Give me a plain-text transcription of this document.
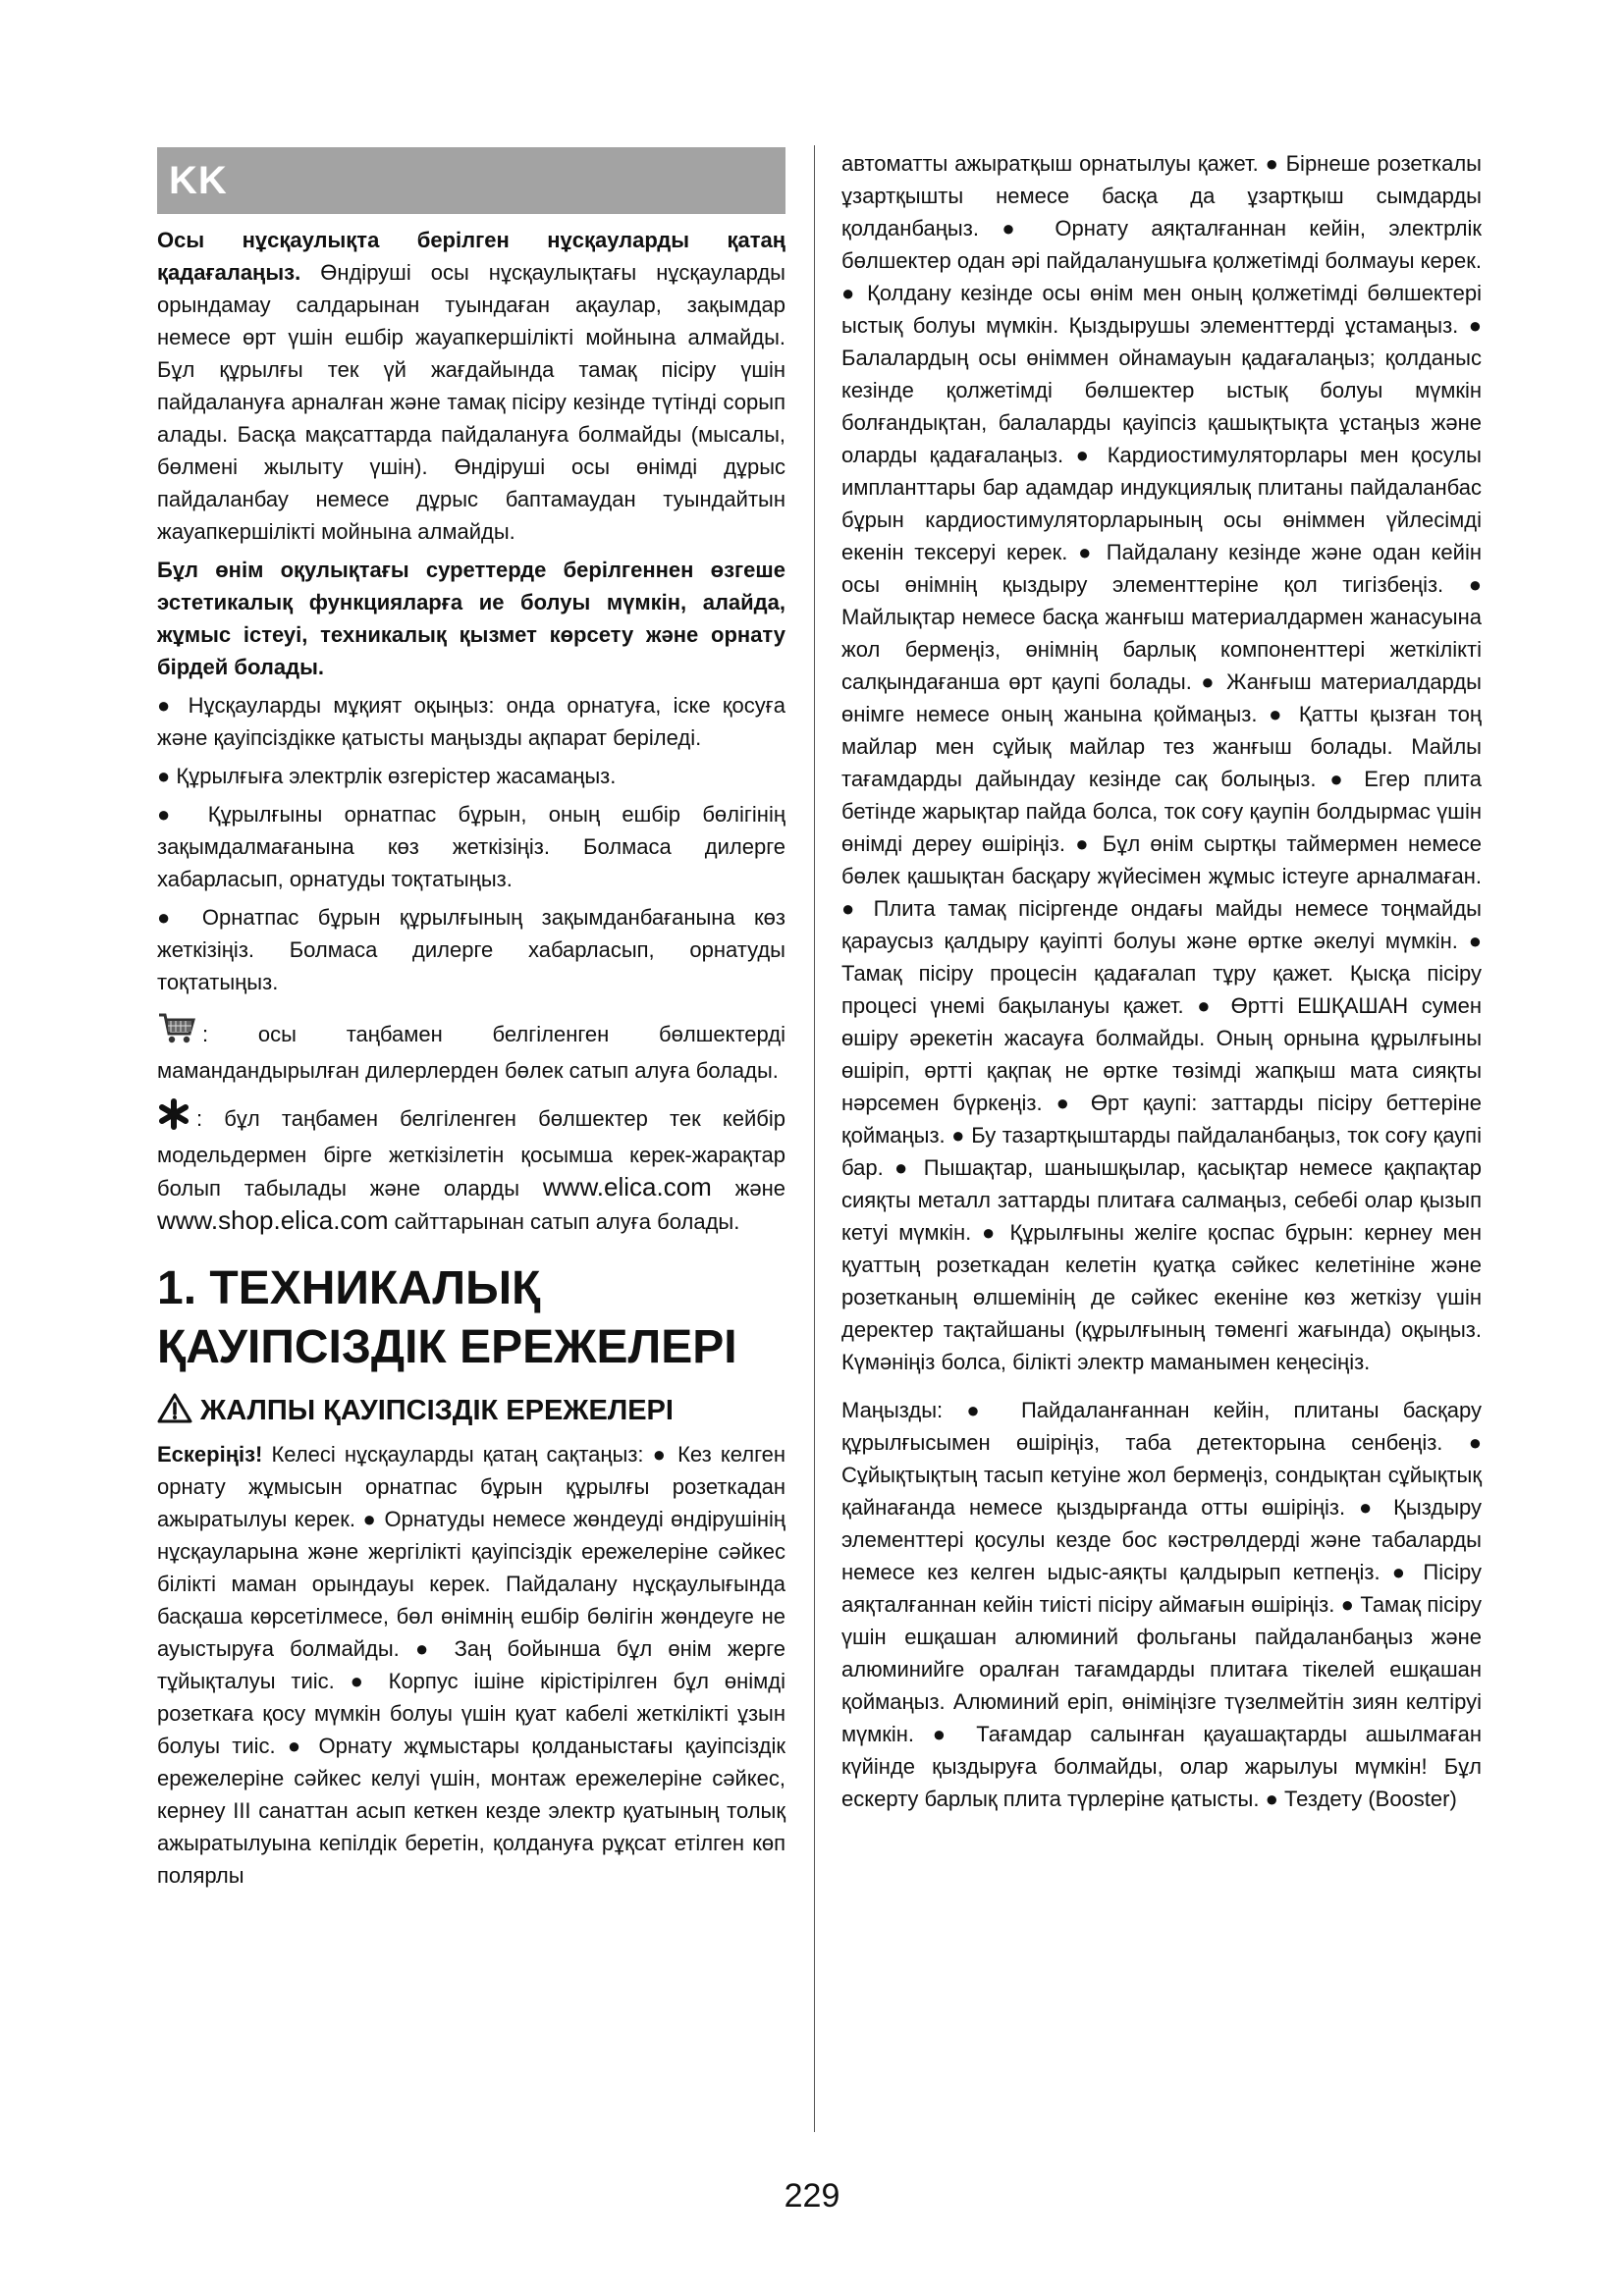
KK

Осы нұсқаулықта берілген нұсқауларды қатаң қадағалаңыз. Өндіруші осы нұсқаулықтағы нұсқауларды орындамау салдарынан туындаған ақаулар, зақымдар немесе өрт үшін ешбір жауапкершілікті мойнына алмайды. Бұл құрылғы тек үй жағдайында тамақ пісіру үшін пайдалануға арналған және тамақ пісіру кезінде түтінді сорып алады. Басқа мақсаттарда пайдалануға болмайды (мысалы, бөлмені жылыту үшін). Өндіруші осы өнімді дұрыс пайдаланбау немесе дұрыс баптамаудан туындайтын жауапкершілікті мойнына алмайды.

Бұл өнім оқулықтағы суреттерде берілгеннен өзгеше эстетикалық функцияларға ие болуы мүмкін, алайда, жұмыс істеуі, техникалық қызмет көрсету және орнату бірдей болады.

● Нұсқауларды мұқият оқыңыз: онда орнатуға, іске қосуға және қауіпсіздікке қатысты маңызды ақпарат беріледі.

● Құрылғыға электрлік өзгерістер жасамаңыз.

● Құрылғыны орнатпас бұрын, оның ешбір бөлігінің зақымдалмағанына көз жеткізіңіз. Болмаса дилерге хабарласып, орнатуды тоқтатыңыз.

● Орнатпас бұрын құрылғының зақымданбағанына көз жеткізіңіз. Болмаса дилерге хабарласып, орнатуды тоқтатыңыз.

: осы таңбамен белгіленген бөлшектерді мамандандырылған дилерлерден бөлек сатып алуға болады.

: бұл таңбамен белгіленген бөлшектер тек кейбір модельдермен бірге жеткізілетін қосымша керек-жарақтар болып табылады және оларды www.elica.com және www.shop.elica.com сайттарынан сатып алуға болады.

1. ТЕХНИКАЛЫҚ ҚАУІПСІЗДІК ЕРЕЖЕЛЕРІ
ЖАЛПЫ ҚАУІПСІЗДІК ЕРЕЖЕЛЕРІ

Ескеріңіз! Келесі нұсқауларды қатаң сақтаңыз: ● Кез келген орнату жұмысын орнатпас бұрын құрылғы розеткадан ажыратылуы керек. ● Орнатуды немесе жөндеуді өндірушінің нұсқауларына және жергілікті қауіпсіздік ережелеріне сәйкес білікті маман орындауы керек. Пайдалану нұсқаулығында басқаша көрсетілмесе, бөл өнімнің ешбір бөлігін жөндеуге не ауыстыруға болмайды. ● Заң бойынша бұл өнім жерге тұйықталуы тиіс. ● Корпус ішіне кірістірілген бұл өнімді розеткаға қосу мүмкін болуы үшін қуат кабелі жеткілікті ұзын болуы тиіс. ● Орнату жұмыстары қолданыстағы қауіпсіздік ережелеріне сәйкес келуі үшін, монтаж ережелеріне сәйкес, кернеу III санаттан асып кеткен кезде электр қуатының толық ажыратылуына кепілдік беретін, қолдануға рұқсат етілген көп полярлы

автоматты ажыратқыш орнатылуы қажет. ● Бірнеше розеткалы ұзартқышты немесе басқа да ұзартқыш сымдарды қолданбаңыз. ● Орнату аяқталғаннан кейін, электрлік бөлшектер одан әрі пайдаланушыға қолжетімді болмауы керек. ● Қолдану кезінде осы өнім мен оның қолжетімді бөлшектері ыстық болуы мүмкін. Қыздырушы элементтерді ұстамаңыз. ● Балалардың осы өніммен ойнамауын қадағалаңыз; қолданыс кезінде қолжетімді бөлшектер ыстық болуы мүмкін болғандықтан, балаларды қауіпсіз қашықтықта ұстаңыз және оларды қадағалаңыз. ● Кардиостимуляторлары мен қосулы импланттары бар адамдар индукциялық плитаны пайдаланбас бұрын кардиостимуляторларының осы өніммен үйлесімді екенін тексеруі керек. ● Пайдалану кезінде және одан кейін осы өнімнің қыздыру элементтеріне қол тигізбеңіз. ● Майлықтар немесе басқа жанғыш материалдармен жанасуына жол бермеңіз, өнімнің барлық компоненттері жеткілікті салқындағанша өрт қаупі болады. ● Жанғыш материалдарды өнімге немесе оның жанына қоймаңыз. ● Қатты қызған тоң майлар мен сұйық майлар тез жанғыш болады. Майлы тағамдарды дайындау кезінде сақ болыңыз. ● Егер плита бетінде жарықтар пайда болса, ток соғу қаупін болдырмас үшін өнімді дереу өшіріңіз. ● Бұл өнім сыртқы таймермен немесе бөлек қашықтан басқару жүйесімен жұмыс істеуге арналмаған. ● Плита тамақ пісіргенде ондағы майды немесе тоңмайды қараусыз қалдыру қауіпті болуы және өртке әкелуі мүмкін. ● Тамақ пісіру процесін қадағалап тұру қажет. Қысқа пісіру процесі үнемі бақылануы қажет. ● Өртті ЕШҚАШАН сумен өшіру әрекетін жасауға болмайды. Оның орнына құрылғыны өшіріп, өртті қақпақ не өртке төзімді жапқыш мата сияқты нәрсемен бүркеңіз. ● Өрт қаупі: заттарды пісіру беттеріне қоймаңыз. ● Бу тазартқыштарды пайдаланбаңыз, ток соғу қаупі бар. ● Пышақтар, шанышқылар, қасықтар немесе қақпақтар сияқты металл заттарды плитаға салмаңыз, себебі олар қызып кетуі мүмкін. ● Құрылғыны желіге қоспас бұрын: кернеу мен қуаттың розеткадан келетін қуатқа сәйкес келетініне және розетканың өлшемінің де сәйкес екеніне көз жеткізу үшін деректер тақтайшаны (құрылғының төменгі жағында) оқыңыз. Күмәніңіз болса, білікті электр маманымен кеңесіңіз.

Маңызды: ● Пайдаланғаннан кейін, плитаны басқару құрылғысымен өшіріңіз, таба детекторына сенбеңіз. ● Сұйықтықтың тасып кетуіне жол бермеңіз, сондықтан сұйықтық қайнағанда немесе қыздырғанда отты өшіріңіз. ● Қыздыру элементтері қосулы кезде бос кәстрөлдерді және табаларды немесе кез келген ыдыс-аяқты қалдырып кетпеңіз. ● Пісіру аяқталғаннан кейін тиісті пісіру аймағын өшіріңіз. ● Тамақ пісіру үшін ешқашан алюминий фольганы пайдаланбаңыз және алюминийге оралған тағамдарды плитаға тікелей ешқашан қоймаңыз. Алюминий еріп, өніміңізге түзелмейтін зиян келтіруі мүмкін. ● Тағамдар салынған қауашақтарды ашылмаған күйінде қыздыруға болмайды, олар жарылуы мүмкін! Бұл ескерту барлық плита түрлеріне қатысты. ● Тездету (Booster)

229
